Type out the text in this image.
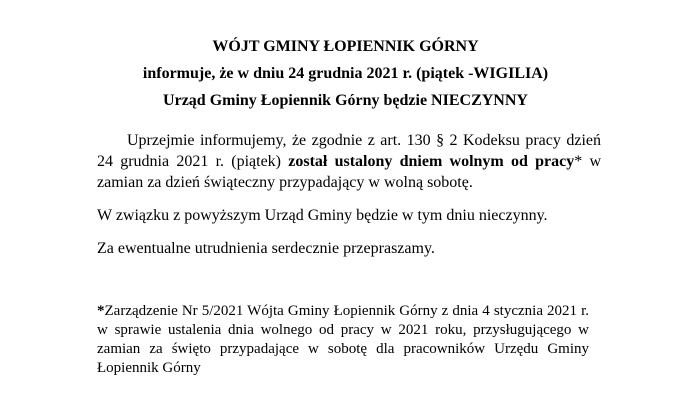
WÓJT GMINY ŁOPIENNIK GÓRNY
informuje, że w dniu 24 grudnia 2021 r. (piątek -WIGILIA)
Urząd Gminy Łopiennik Górny będzie NIECZYNNY
Uprzejmie informujemy, że zgodnie z art. 130 § 2 Kodeksu pracy dzień 24 grudnia 2021 r. (piątek) został ustalony dniem wolnym od pracy* w zamian za dzień świąteczny przypadający w wolną sobotę.
W związku z powyższym Urząd Gminy będzie w tym dniu nieczynny.
Za ewentualne utrudnienia serdecznie przepraszamy.
*Zarządzenie Nr 5/2021 Wójta Gminy Łopiennik Górny z dnia 4 stycznia 2021 r. w sprawie ustalenia dnia wolnego od pracy w 2021 roku, przysługującego w zamian za święto przypadające w sobotę dla pracowników Urzędu Gminy Łopiennik Górny
